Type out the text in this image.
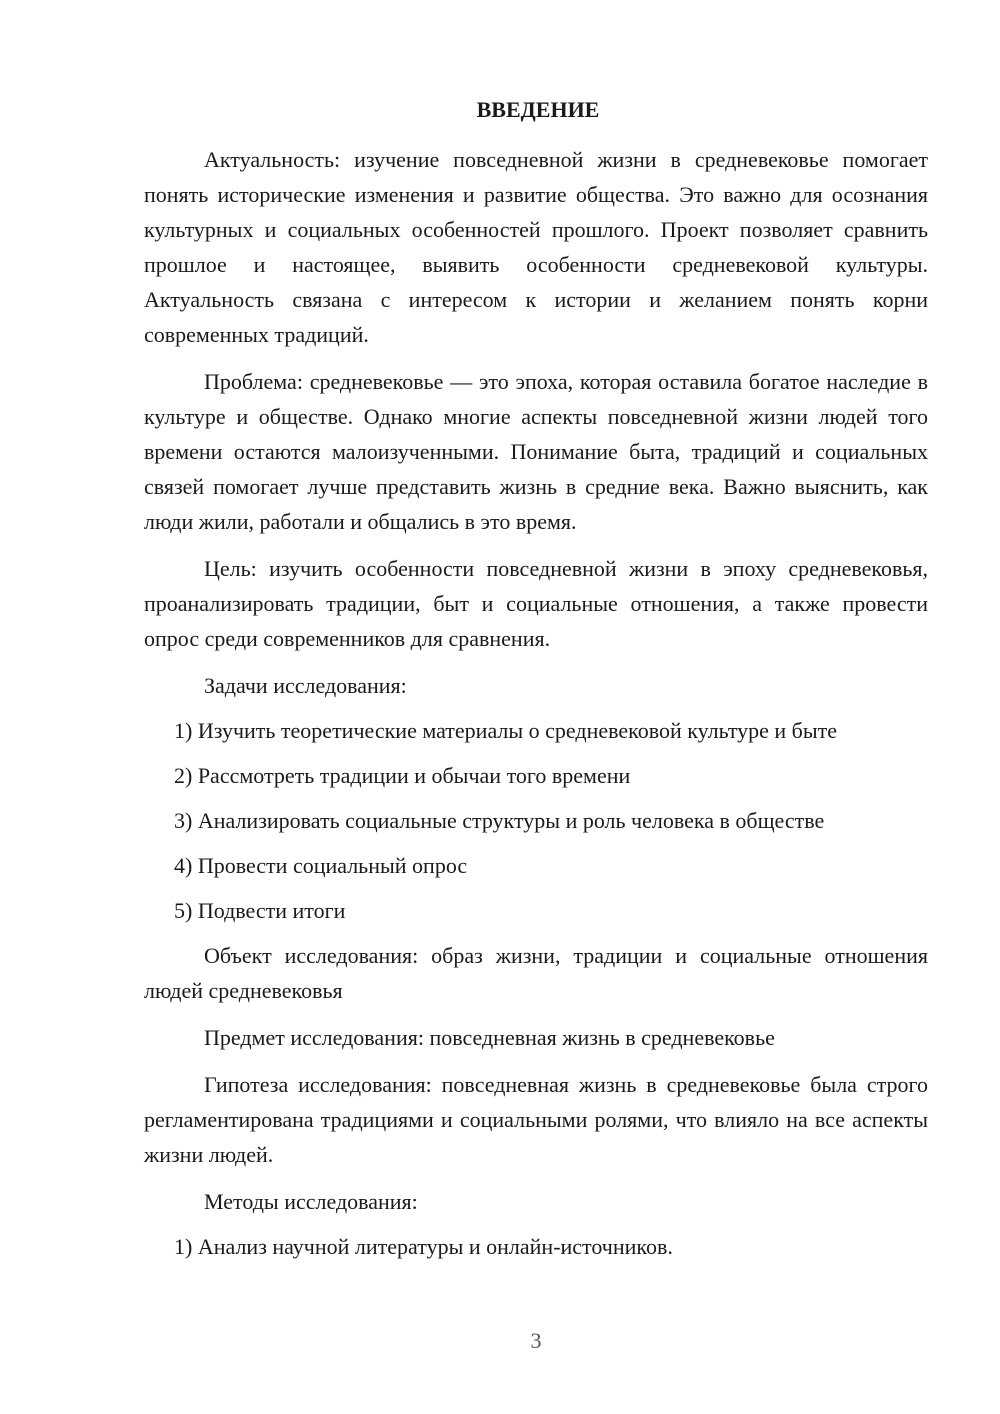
ВВЕДЕНИЕ

Актуальность: изучение повседневной жизни в средневековье помогает понять исторические изменения и развитие общества. Это важно для осознания культурных и социальных особенностей прошлого. Проект позволяет сравнить прошлое и настоящее, выявить особенности средневековой культуры. Актуальность связана с интересом к истории и желанием понять корни современных традиций.

Проблема: средневековье — это эпоха, которая оставила богатое наследие в культуре и обществе. Однако многие аспекты повседневной жизни людей того времени остаются малоизученными. Понимание быта, традиций и социальных связей помогает лучше представить жизнь в средние века. Важно выяснить, как люди жили, работали и общались в это время.

Цель: изучить особенности повседневной жизни в эпоху средневековья, проанализировать традиции, быт и социальные отношения, а также провести опрос среди современников для сравнения.

Задачи исследования:

1) Изучить теоретические материалы о средневековой культуре и быте

2) Рассмотреть традиции и обычаи того времени

3) Анализировать социальные структуры и роль человека в обществе

4) Провести социальный опрос

5) Подвести итоги

Объект исследования: образ жизни, традиции и социальные отношения людей средневековья

Предмет исследования: повседневная жизнь в средневековье

Гипотеза исследования: повседневная жизнь в средневековье была строго регламентирована традициями и социальными ролями, что влияло на все аспекты жизни людей.

Методы исследования:

1) Анализ научной литературы и онлайн-источников.

3
